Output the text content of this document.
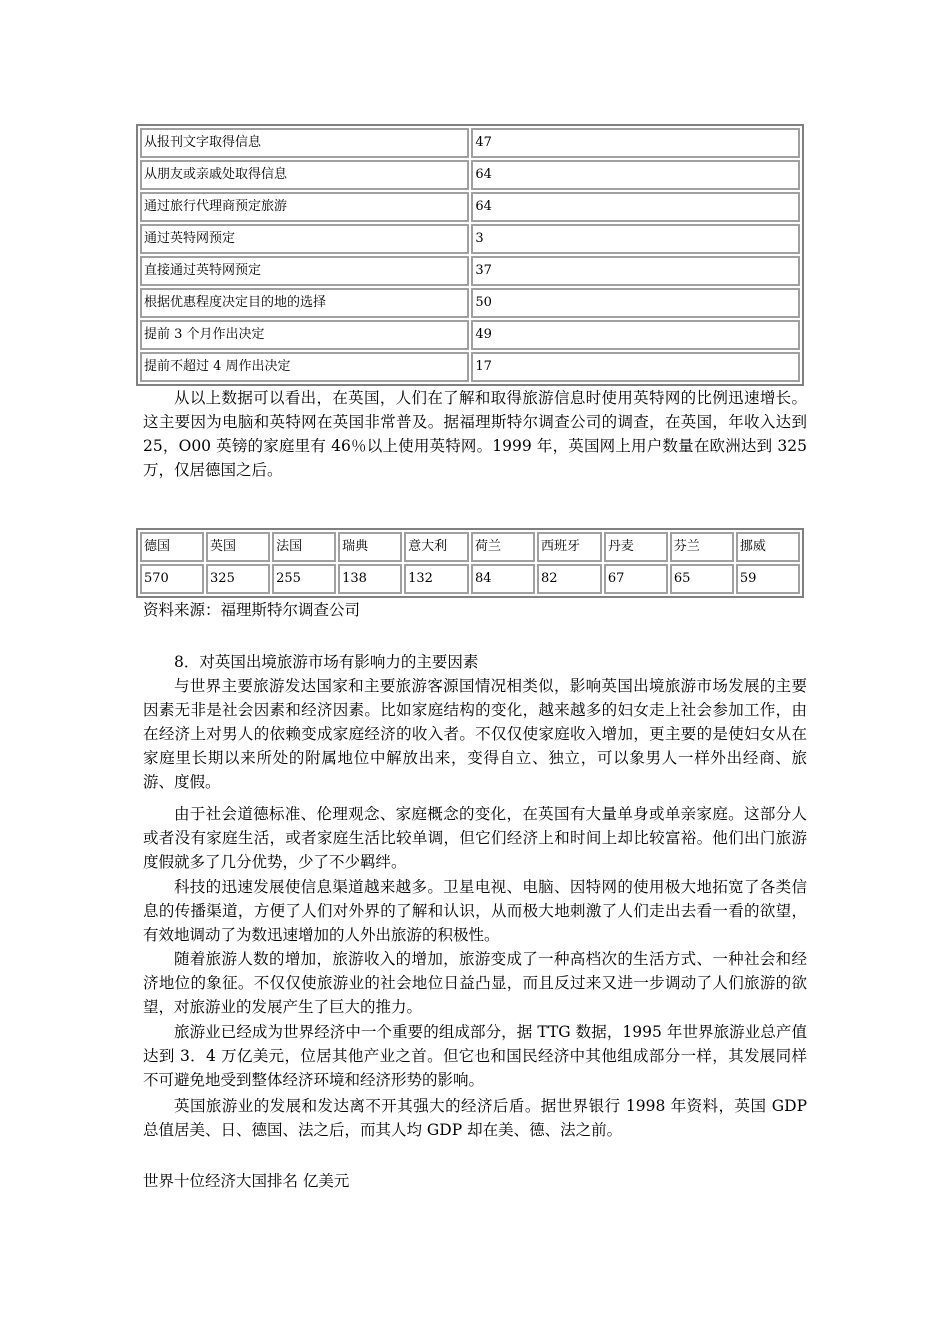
从报刊文字取得信息	47
从朋友或亲戚处取得信息	64
通过旅行代理商预定旅游	64
通过英特网预定	3
直接通过英特网预定	37
根据优惠程度决定目的地的选择	50
提前 3 个月作出决定	49
提前不超过 4 周作出决定	17

从以上数据可以看出，在英国，人们在了解和取得旅游信息时使用英特网的比例迅速增长。这主要因为电脑和英特网在英国非常普及。据福理斯特尔调查公司的调查，在英国，年收入达到 25，O00 英镑的家庭里有 46％以上使用英特网。1999 年，英国网上用户数量在欧洲达到 325 万，仅居德国之后。

德国	英国	法国	瑞典	意大利	荷兰	西班牙	丹麦	芬兰	挪威
570	325	255	138	132	84	82	67	65	59

资料来源：福理斯特尔调查公司

8．对英国出境旅游市场有影响力的主要因素

与世界主要旅游发达国家和主要旅游客源国情况相类似，影响英国出境旅游市场发展的主要因素无非是社会因素和经济因素。比如家庭结构的变化，越来越多的妇女走上社会参加工作，由在经济上对男人的依赖变成家庭经济的收入者。不仅仅使家庭收入增加，更主要的是使妇女从在家庭里长期以来所处的附属地位中解放出来，变得自立、独立，可以象男人一样外出经商、旅游、度假。

由于社会道德标准、伦理观念、家庭概念的变化，在英国有大量单身或单亲家庭。这部分人或者没有家庭生活，或者家庭生活比较单调，但它们经济上和时间上却比较富裕。他们出门旅游度假就多了几分优势，少了不少羁绊。

科技的迅速发展使信息渠道越来越多。卫星电视、电脑、因特网的使用极大地拓宽了各类信息的传播渠道，方便了人们对外界的了解和认识，从而极大地刺激了人们走出去看一看的欲望，有效地调动了为数迅速增加的人外出旅游的积极性。

随着旅游人数的增加，旅游收入的增加，旅游变成了一种高档次的生活方式、一种社会和经济地位的象征。不仅仅使旅游业的社会地位日益凸显，而且反过来又进一步调动了人们旅游的欲望，对旅游业的发展产生了巨大的推力。

旅游业已经成为世界经济中一个重要的组成部分，据 TTG 数据，1995 年世界旅游业总产值达到 3．4 万亿美元，位居其他产业之首。但它也和国民经济中其他组成部分一样，其发展同样不可避免地受到整体经济环境和经济形势的影响。

英国旅游业的发展和发达离不开其强大的经济后盾。据世界银行 1998 年资料，英国 GDP 总值居美、日、德国、法之后，而其人均 GDP 却在美、德、法之前。

世界十位经济大国排名 亿美元
